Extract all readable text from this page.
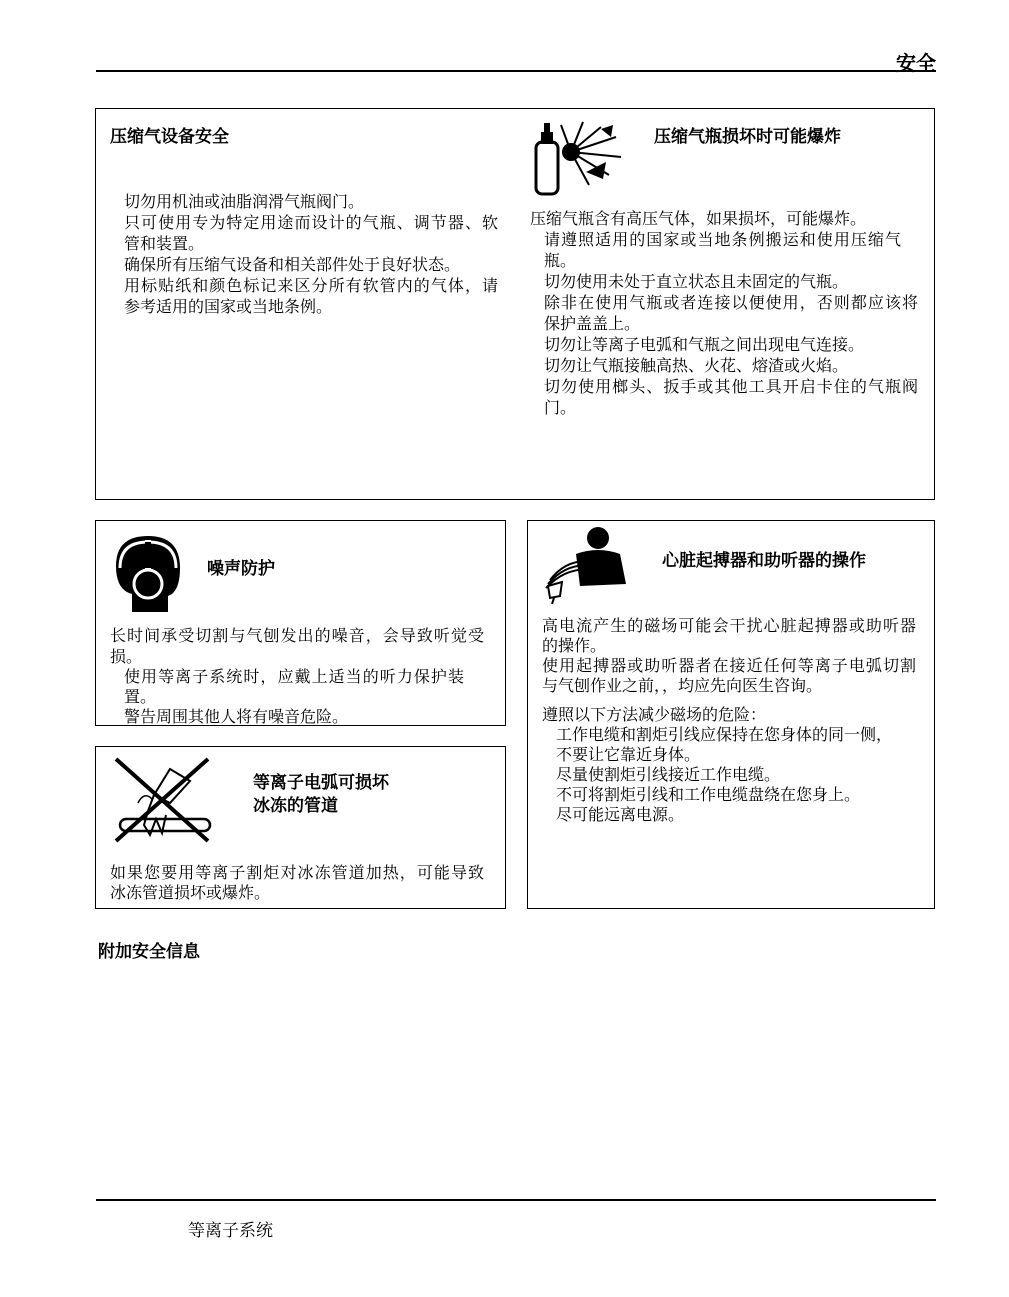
安全
压缩气设备安全
切勿用机油或油脂润滑气瓶阀门。
只可使用专为特定用途而设计的气瓶、调节器、软
管和装置。
确保所有压缩气设备和相关部件处于良好状态。
用标贴纸和颜色标记来区分所有软管内的气体，请
参考适用的国家或当地条例。
压缩气瓶损坏时可能爆炸
压缩气瓶含有高压气体，如果损坏，可能爆炸。
请遵照适用的国家或当地条例搬运和使用压缩气
瓶。
切勿使用未处于直立状态且未固定的气瓶。
除非在使用气瓶或者连接以便使用，否则都应该将
保护盖盖上。
切勿让等离子电弧和气瓶之间出现电气连接。
切勿让气瓶接触高热、火花、熔渣或火焰。
切勿使用榔头、扳手或其他工具开启卡住的气瓶阀
门。
噪声防护
长时间承受切割与气刨发出的噪音，会导致听觉受
损。
使用等离子系统时，应戴上适当的听力保护装
置。
警告周围其他人将有噪音危险。
心脏起搏器和助听器的操作
高电流产生的磁场可能会干扰心脏起搏器或助听器
的操作。
使用起搏器或助听器者在接近任何等离子电弧切割
与气刨作业之前，，均应先向医生咨询。
遵照以下方法减少磁场的危险：
工作电缆和割炬引线应保持在您身体的同一侧，
不要让它靠近身体。
尽量使割炬引线接近工作电缆。
不可将割炬引线和工作电缆盘绕在您身上。
尽可能远离电源。
等离子电弧可损坏
冰冻的管道
如果您要用等离子割炬对冰冻管道加热，可能导致
冰冻管道损坏或爆炸。
附加安全信息
等离子系统
